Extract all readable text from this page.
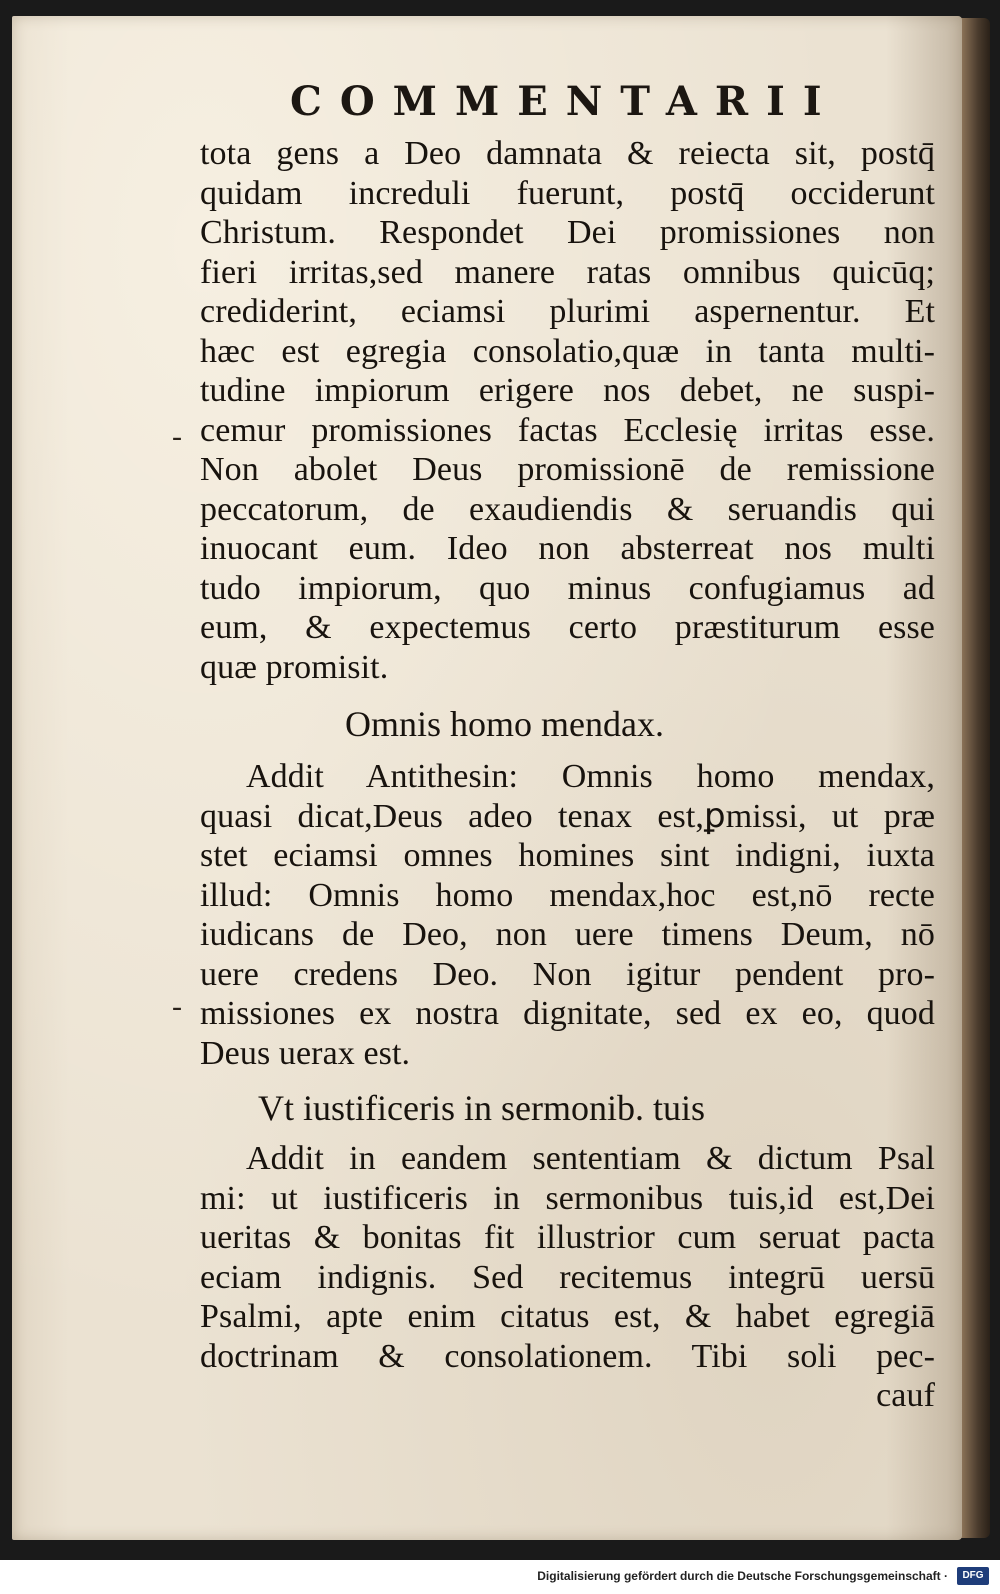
COMMENTARII
-
-
tota gens a Deo damnata & reiecta sit, postq̄
quidam increduli fuerunt, postq̄ occiderunt
Christum. Respondet Dei promissiones non
fieri irritas,sed manere ratas omnibus quicūq;
crediderint, eciamsi plurimi aspernentur. Et
hæc est egregia consolatio,quæ in tanta multi-
tudine impiorum erigere nos debet, ne suspi-
cemur promissiones factas Ecclesię irritas esse.
Non abolet Deus promissionē de remissione
peccatorum, de exaudiendis & seruandis qui
inuocant eum. Ideo non absterreat nos multi
tudo impiorum, quo minus confugiamus ad
eum, & expectemus certo præstiturum esse
quæ promisit.
Omnis homo mendax.
Addit Antithesin: Omnis homo mendax,
quasi dicat,Deus adeo tenax est,ꝑmissi, ut præ
stet eciamsi omnes homines sint indigni, iuxta
illud: Omnis homo mendax,hoc est,nō recte
iudicans de Deo, non uere timens Deum, nō
uere credens Deo. Non igitur pendent pro-
missiones ex nostra dignitate, sed ex eo, quod
Deus uerax est.
Vt iustificeris in sermonib. tuis
Addit in eandem sententiam & dictum Psal
mi: ut iustificeris in sermonibus tuis,id est,Dei
ueritas & bonitas fit illustrior cum seruat pacta
eciam indignis. Sed recitemus integrū uersū
Psalmi, apte enim citatus est, & habet egregiā
doctrinam & consolationem. Tibi soli pec-
cauf
Digitalisierung gefördert durch die Deutsche Forschungsgemeinschaft ·	DFG
